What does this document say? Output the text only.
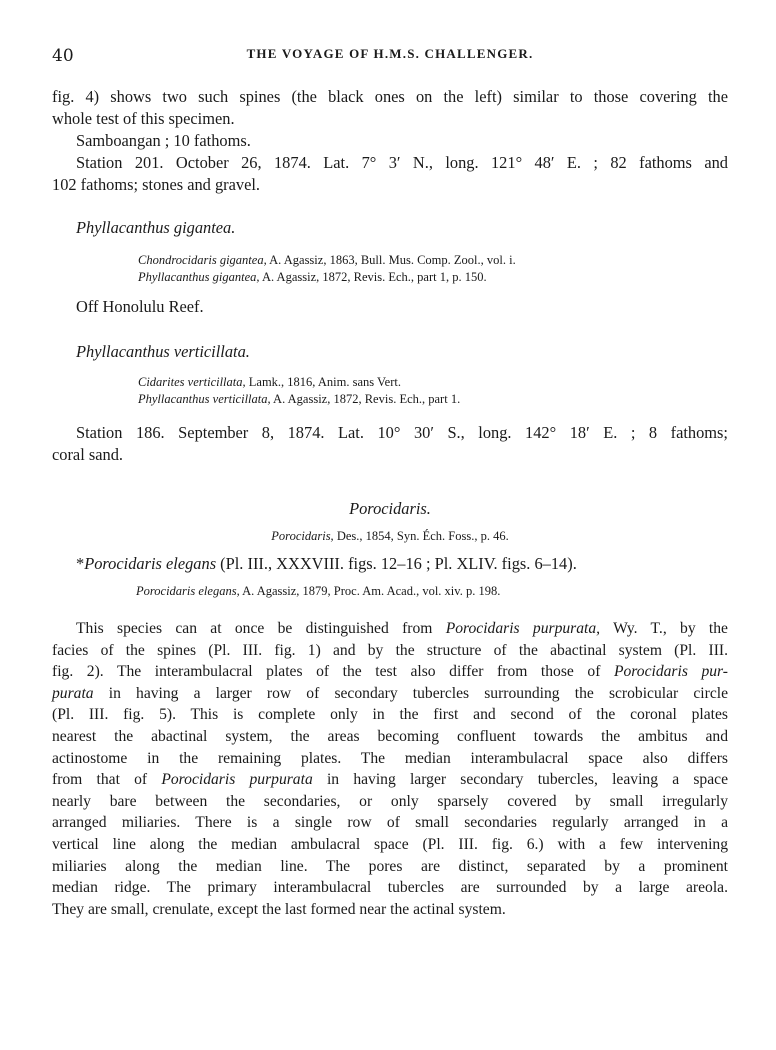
40	THE VOYAGE OF H.M.S. CHALLENGER.

fig. 4) shows two such spines (the black ones on the left) similar to those covering the

whole test of this specimen.

Samboangan ; 10 fathoms.

Station 201. October 26, 1874. Lat. 7° 3′ N., long. 121° 48′ E. ; 82 fathoms and

102 fathoms; stones and gravel.

Phyllacanthus gigantea.
Chondrocidaris gigantea, A. Agassiz, 1863, Bull. Mus. Comp. Zool., vol. i.
Phyllacanthus gigantea, A. Agassiz, 1872, Revis. Ech., part 1, p. 150.

Off Honolulu Reef.

Phyllacanthus verticillata.
Cidarites verticillata, Lamk., 1816, Anim. sans Vert.
Phyllacanthus verticillata, A. Agassiz, 1872, Revis. Ech., part 1.

Station 186. September 8, 1874. Lat. 10° 30′ S., long. 142° 18′ E. ; 8 fathoms;

coral sand.

Porocidaris.
Porocidaris, Des., 1854, Syn. Éch. Foss., p. 46.
*Porocidaris elegans (Pl. III., XXXVIII. figs. 12–16 ; Pl. XLIV. figs. 6–14).
Porocidaris elegans, A. Agassiz, 1879, Proc. Am. Acad., vol. xiv. p. 198.
This species can at once be distinguished from Porocidaris purpurata, Wy. T., by the
facies of the spines (Pl. III. fig. 1) and by the structure of the abactinal system (Pl. III.
fig. 2). The interambulacral plates of the test also differ from those of Porocidaris pur-
purata in having a larger row of secondary tubercles surrounding the scrobicular circle
(Pl. III. fig. 5). This is complete only in the first and second of the coronal plates
nearest the abactinal system, the areas becoming confluent towards the ambitus and
actinostome in the remaining plates. The median interambulacral space also differs
from that of Porocidaris purpurata in having larger secondary tubercles, leaving a space
nearly bare between the secondaries, or only sparsely covered by small irregularly
arranged miliaries. There is a single row of small secondaries regularly arranged in a
vertical line along the median ambulacral space (Pl. III. fig. 6.) with a few intervening
miliaries along the median line. The pores are distinct, separated by a prominent
median ridge. The primary interambulacral tubercles are surrounded by a large areola.
They are small, crenulate, except the last formed near the actinal system.
